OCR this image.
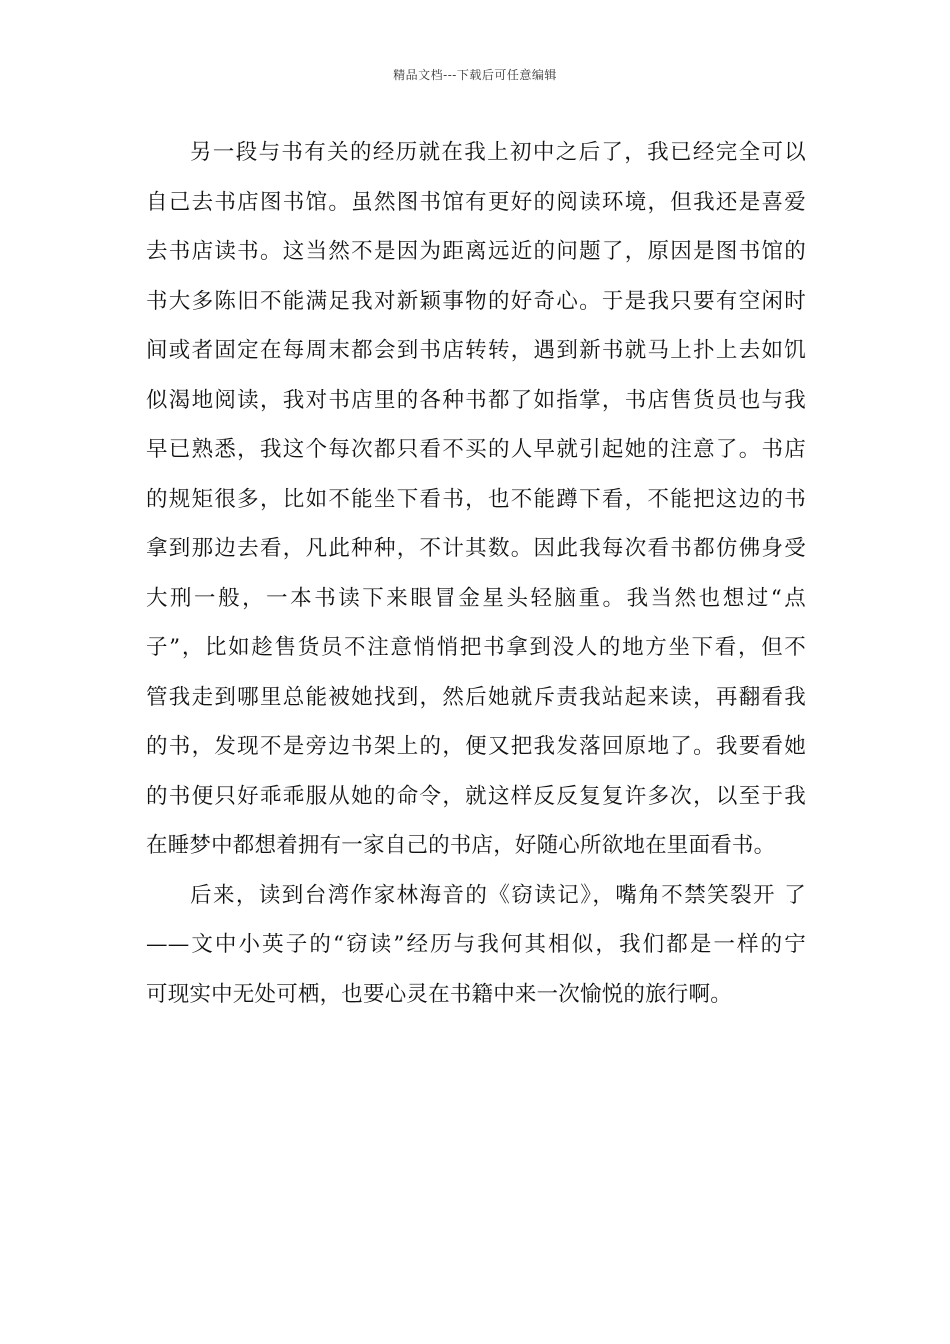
精品文档---下载后可任意编辑
另一段与书有关的经历就在我上初中之后了，我已经完全可以
自己去书店图书馆。虽然图书馆有更好的阅读环境，但我还是喜爱
去书店读书。这当然不是因为距离远近的问题了，原因是图书馆的
书大多陈旧不能满足我对新颖事物的好奇心。于是我只要有空闲时
间或者固定在每周末都会到书店转转，遇到新书就马上扑上去如饥
似渴地阅读，我对书店里的各种书都了如指掌，书店售货员也与我
早已熟悉，我这个每次都只看不买的人早就引起她的注意了。书店
的规矩很多，比如不能坐下看书，也不能蹲下看，不能把这边的书
拿到那边去看，凡此种种，不计其数。因此我每次看书都仿佛身受
大刑一般，一本书读下来眼冒金星头轻脑重。我当然也想过“点
子”，比如趁售货员不注意悄悄把书拿到没人的地方坐下看，但不
管我走到哪里总能被她找到，然后她就斥责我站起来读，再翻看我
的书，发现不是旁边书架上的，便又把我发落回原地了。我要看她
的书便只好乖乖服从她的命令，就这样反反复复许多次，以至于我
在睡梦中都想着拥有一家自己的书店，好随心所欲地在里面看书。
后来，读到台湾作家林海音的《窃读记》，嘴角不禁笑裂开 了
——文中小英子的“窃读”经历与我何其相似，我们都是一样的宁
可现实中无处可栖，也要心灵在书籍中来一次愉悦的旅行啊。
